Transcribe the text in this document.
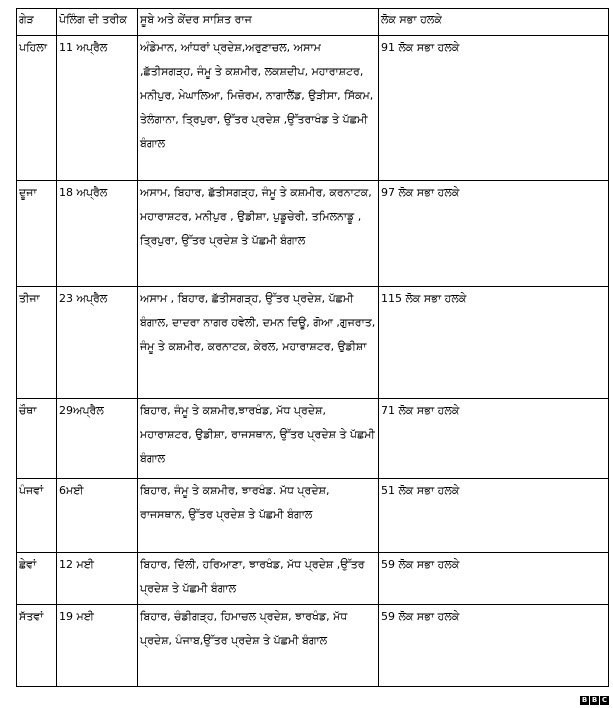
ਗੇੜ	ਪੋਲਿੰਗ ਦੀ ਤਰੀਕ	ਸੂਬੇ ਅਤੇ ਕੇਂਦਰ ਸਾਸ਼ਿਤ ਰਾਜ	ਲੋਕ ਸਭਾ ਹਲਕੇ
ਪਹਿਲਾ	11 ਅਪ੍ਰੈਲ	ਅੰਡੇਮਾਨ, ਆਂਧਰਾਂ ਪ੍ਰਦੇਸ਼,ਅਰੁਣਾਚਲ, ਅਸਾਮ ,ਛੱਤੀਸਗੜ੍ਹ, ਜੰਮੂ ਤੇ ਕਸ਼ਮੀਰ, ਲਕਸ਼ਦੀਪ, ਮਹਾਰਾਸ਼ਟਰ, ਮਨੀਪੁਰ, ਮੇਘਾਲਿਆ, ਮਿਜ਼ੋਰਮ, ਨਾਗਾਲੈਂਡ, ਉੜੀਸਾ, ਸਿੱਕਮ, ਤੇਲੰਗਾਨਾ, ਤ੍ਰਿਪੁਰਾ, ਉੱਤਰ ਪ੍ਰਦੇਸ਼ ,ਉੱਤਰਾਖੰਡ ਤੇ ਪੱਛਮੀ ਬੰਗਾਲ	91 ਲੋਕ ਸਭਾ ਹਲਕੇ
ਦੂਜਾ	18 ਅਪ੍ਰੈਲ	ਅਸਾਮ, ਬਿਹਾਰ, ਛੱਤੀਸਗੜ੍ਹ, ਜੰਮੂ ਤੇ ਕਸ਼ਮੀਰ, ਕਰਨਾਟਕ, ਮਹਾਰਾਸ਼ਟਰ, ਮਨੀਪੁਰ , ਉਡੀਸ਼ਾ, ਪੁਡੂਚੇਰੀ, ਤਮਿਲਨਾਡੂ , ਤ੍ਰਿਪੁਰਾ, ਉੱਤਰ ਪ੍ਰਦੇਸ਼ ਤੇ ਪੱਛਮੀ ਬੰਗਾਲ	97 ਲੋਕ ਸਭਾ ਹਲਕੇ
ਤੀਜਾ	23 ਅਪ੍ਰੈਲ	ਅਸਾਮ , ਬਿਹਾਰ, ਛੱਤੀਸਗੜ੍ਹ, ਉੱਤਰ ਪ੍ਰਦੇਸ਼, ਪੱਛਮੀ ਬੰਗਾਲ, ਦਾਦਰਾ ਨਾਗਰ ਹਵੇਲੀ, ਦਮਨ ਦਿਊ, ਗੋਆ ,ਗੁਜਰਾਤ, ਜੰਮੂ ਤੇ ਕਸ਼ਮੀਰ, ਕਰਨਾਟਕ, ਕੇਰਲ, ਮਹਾਰਾਸ਼ਟਰ, ਉਡੀਸ਼ਾ	115 ਲੋਕ ਸਭਾ ਹਲਕੇ
ਚੌਥਾ	29ਅਪ੍ਰੈਲ	ਬਿਹਾਰ, ਜੰਮੂ ਤੇ ਕਸ਼ਮੀਰ,ਝਾਰਖੰਡ, ਮੱਧ ਪ੍ਰਦੇਸ਼, ਮਹਾਰਾਸ਼ਟਰ, ਉਡੀਸ਼ਾ, ਰਾਜਸਥਾਨ, ਉੱਤਰ ਪ੍ਰਦੇਸ਼ ਤੇ ਪੱਛਮੀ ਬੰਗਾਲ	71 ਲੋਕ ਸਭਾ ਹਲਕੇ
ਪੰਜਵਾਂ	6ਮਈ	ਬਿਹਾਰ, ਜੰਮੂ ਤੇ ਕਸ਼ਮੀਰ, ਝਾਰਖੰਡ. ਮੱਧ ਪ੍ਰਦੇਸ਼, ਰਾਜਸਥਾਨ, ਉੱਤਰ ਪ੍ਰਦੇਸ਼ ਤੇ ਪੱਛਮੀ ਬੰਗਾਲ	51 ਲੋਕ ਸਭਾ ਹਲਕੇ
ਛੇਵਾਂ	12 ਮਈ	ਬਿਹਾਰ, ਦਿੱਲੀ, ਹਰਿਆਣਾ, ਝਾਰਖੰਡ, ਮੱਧ ਪ੍ਰਦੇਸ਼ ,ਉੱਤਰ ਪ੍ਰਦੇਸ਼ ਤੇ ਪੱਛਮੀ ਬੰਗਾਲ	59 ਲੋਕ ਸਭਾ ਹਲਕੇ
ਸੱਤਵਾਂ	19 ਮਈ	ਬਿਹਾਰ, ਚੰਡੀਗੜ੍ਹ, ਹਿਮਾਚਲ ਪ੍ਰਦੇਸ਼, ਝਾਰਖੰਡ, ਮੱਧ ਪ੍ਰਦੇਸ਼, ਪੰਜਾਬ,ਉੱਤਰ ਪ੍ਰਦੇਸ਼ ਤੇ ਪੱਛਮੀ ਬੰਗਾਲ	59 ਲੋਕ ਸਭਾ ਹਲਕੇ
B B C
